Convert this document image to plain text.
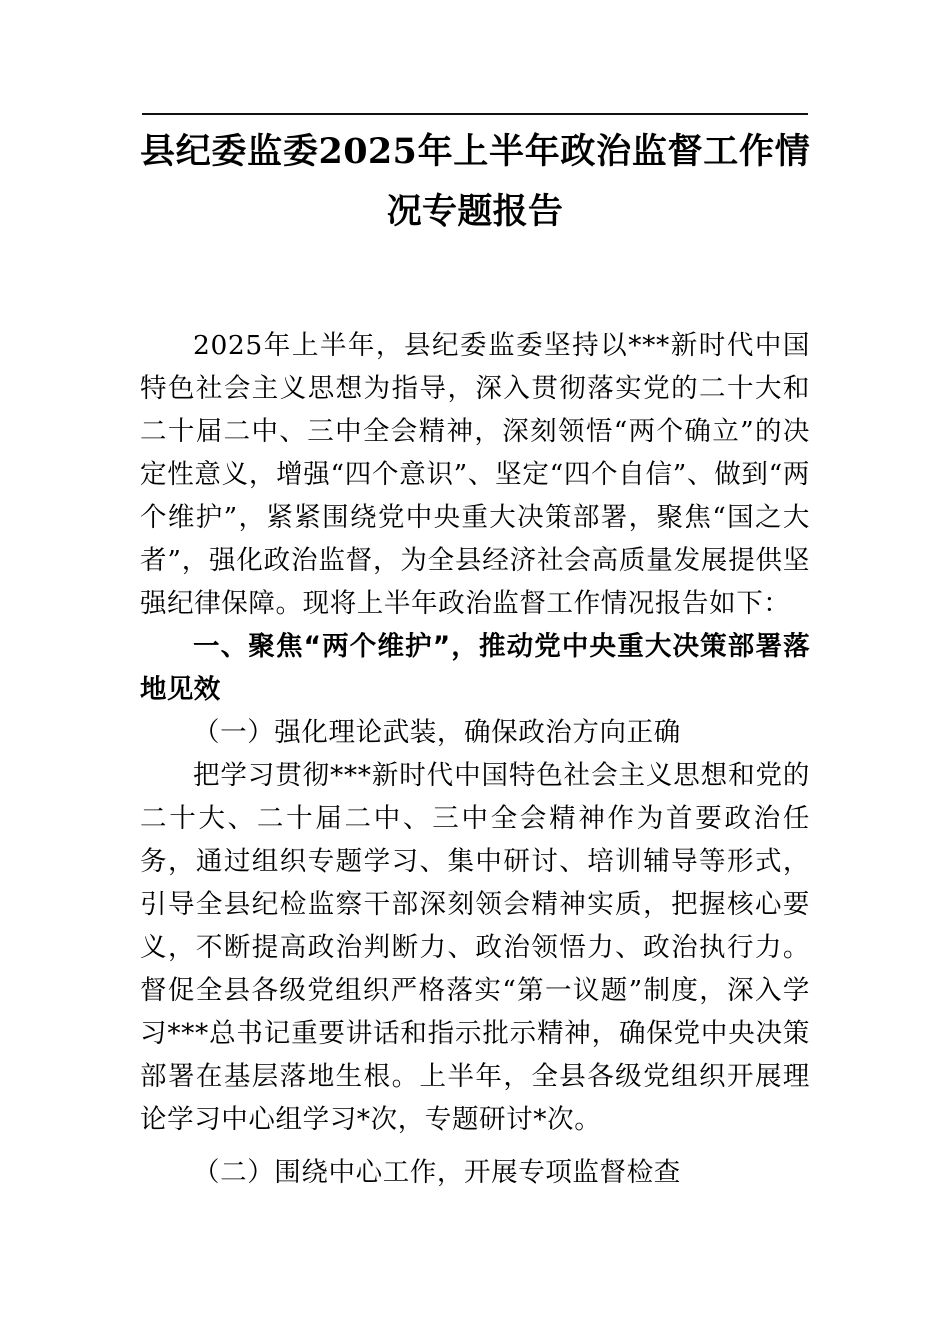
县纪委监委2025年上半年政治监督工作情
况专题报告

2025年上半年，县纪委监委坚持以***新时代中国特色社会主义思想为指导，深入贯彻落实党的二十大和二十届二中、三中全会精神，深刻领悟“两个确立”的决定性意义，增强“四个意识”、坚定“四个自信”、做到“两个维护”，紧紧围绕党中央重大决策部署，聚焦“国之大者”，强化政治监督，为全县经济社会高质量发展提供坚强纪律保障。现将上半年政治监督工作情况报告如下：

一、聚焦“两个维护”，推动党中央重大决策部署落地见效

（一）强化理论武装，确保政治方向正确

把学习贯彻***新时代中国特色社会主义思想和党的二十大、二十届二中、三中全会精神作为首要政治任务，通过组织专题学习、集中研讨、培训辅导等形式，引导全县纪检监察干部深刻领会精神实质，把握核心要义，不断提高政治判断力、政治领悟力、政治执行力。督促全县各级党组织严格落实“第一议题”制度，深入学习***总书记重要讲话和指示批示精神，确保党中央决策部署在基层落地生根。上半年，全县各级党组织开展理论学习中心组学习*次，专题研讨*次。

（二）围绕中心工作，开展专项监督检查
